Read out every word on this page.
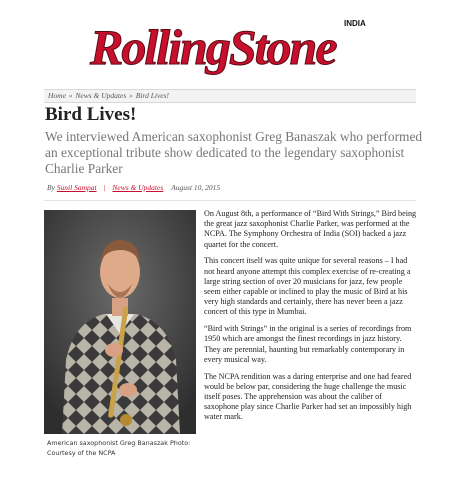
RollingStone INDIA
Home » News & Updates » Bird Lives!
Bird Lives!
We interviewed American saxophonist Greg Banaszak who performed an exceptional tribute show dedicated to the legendary saxophonist Charlie Parker
By Sunil Sampat | News & Updates August 10, 2015
American saxophonist Greg Banaszak Photo: Courtesy of the NCPA

On August 8th, a performance of “Bird With Strings,” Bird being the great jazz saxophonist Charlie Parker, was performed at the NCPA. The Symphony Orchestra of India (SOI) backed a jazz quartet for the concert.

This concert itself was quite unique for several reasons – I had not heard anyone attempt this complex exercise of re-creating a large string section of over 20 musicians for jazz, few people seem either capable or inclined to play the music of Bird at his very high standards and certainly, there has never been a jazz concert of this type in Mumbai.

“Bird with Strings” in the original is a series of recordings from 1950 which are amongst the finest recordings in jazz history. They are perennial, haunting but remarkably contemporary in every musical way.

The NCPA rendition was a daring enterprise and one had feared would be below par, considering the huge challenge the music itself poses. The apprehension was about the caliber of saxophone play since Charlie Parker had set an impossibly high water mark.
